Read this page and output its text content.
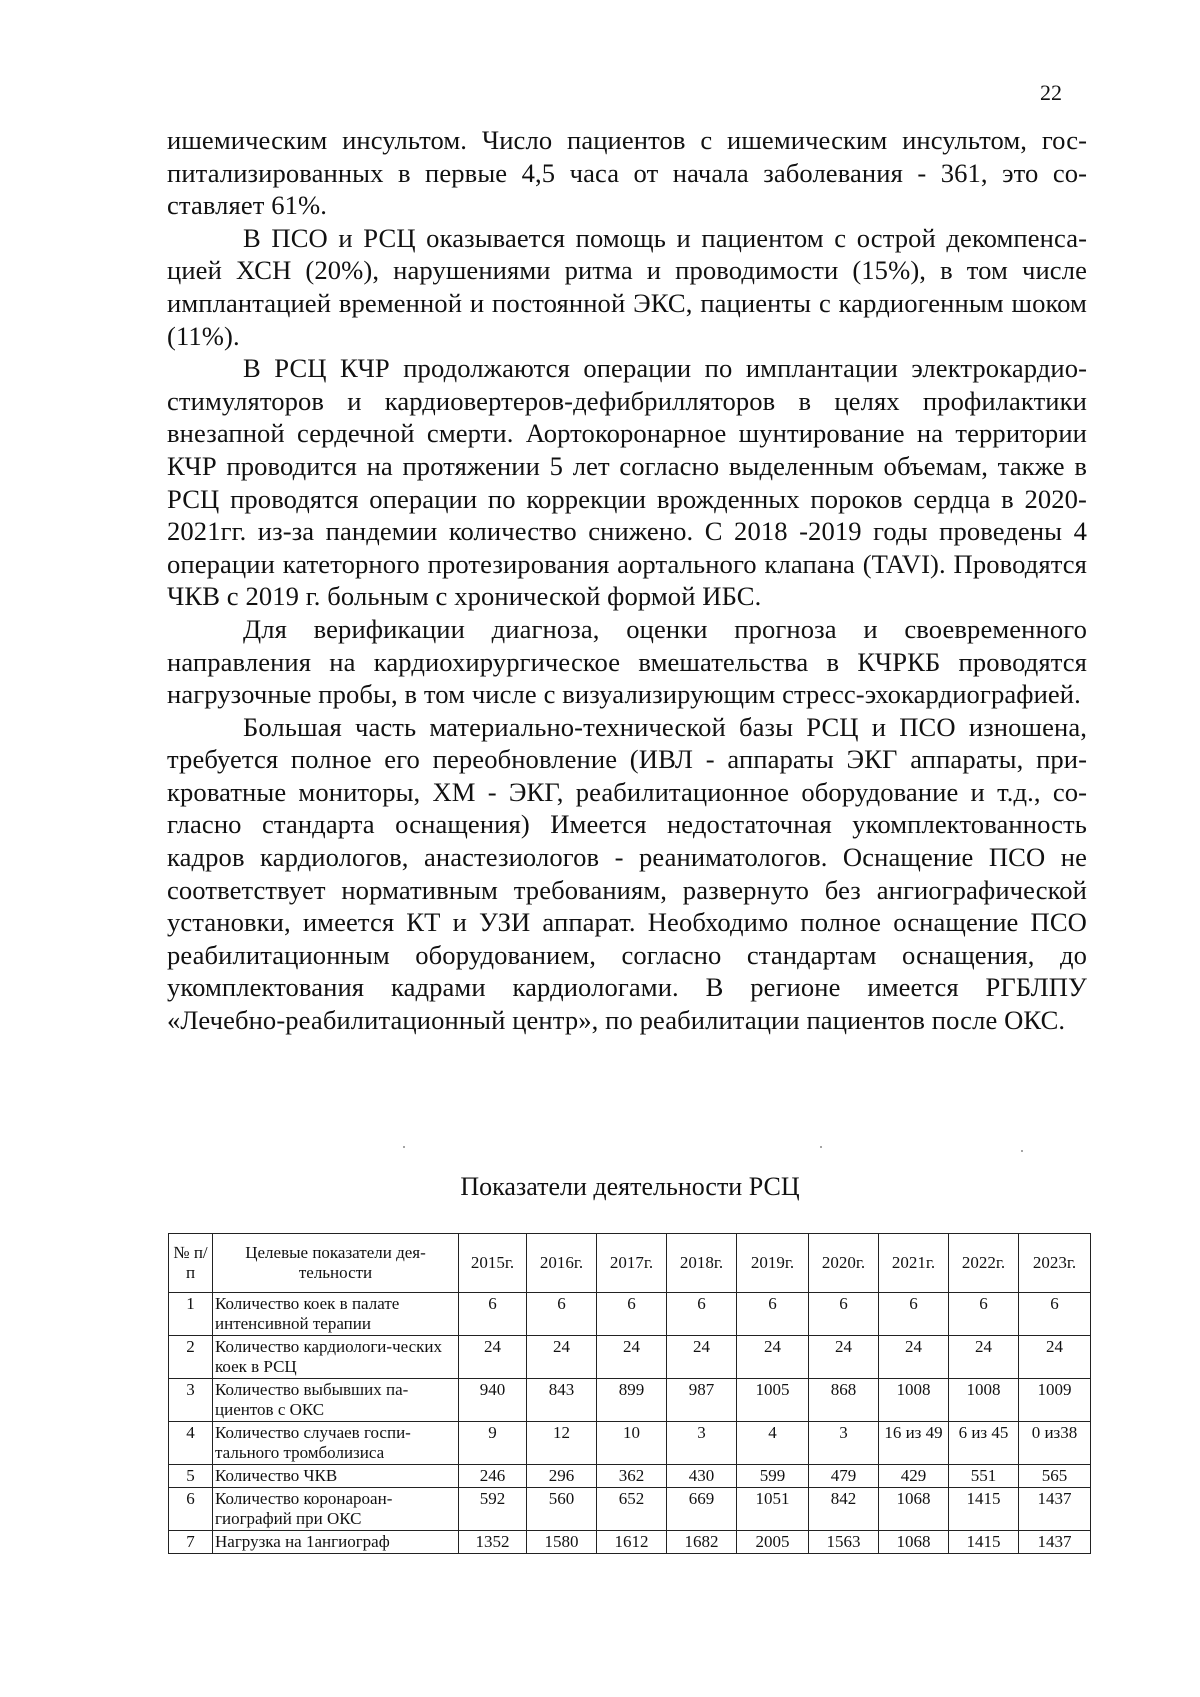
22

ишемическим инсультом. Число пациентов с ишемическим инсультом, госпитализированных в первые 4,5 часа от начала заболевания - 361, это составляет 61%.

В ПСО и РСЦ оказывается помощь и пациентом с острой декомпенсацией ХСН (20%), нарушениями ритма и проводимости (15%), в том числе имплантацией временной и постоянной ЭКС, пациенты с кардиогенным шоком (11%).

В РСЦ КЧР продолжаются операции по имплантации электрокардиостимуляторов и кардиовертеров-дефибрилляторов в целях профилактики внезапной сердечной смерти. Аортокоронарное шунтирование на территории КЧР проводится на протяжении 5 лет согласно выделенным объемам, также в РСЦ проводятся операции по коррекции врожденных пороков сердца в 2020- 2021гг. из-за пандемии количество снижено. С 2018 -2019 годы проведены 4 операции катеторного протезирования аортального клапана (TAVI). Проводятся ЧКВ с 2019 г. больным с хронической формой ИБС.

Для верификации диагноза, оценки прогноза и своевременного направления на кардиохирургическое вмешательства в КЧРКБ проводятся нагрузочные пробы, в том числе с визуализирующим стресс-эхокардиографией.

Большая часть материально-технической базы РСЦ и ПСО изношена, требуется полное его переобновление (ИВЛ - аппараты ЭКГ аппараты, прикроватные мониторы, ХМ - ЭКГ, реабилитационное оборудование и т.д., согласно стандарта оснащения) Имеется недостаточная укомплектованность кадров кардиологов, анастезиологов - реаниматологов. Оснащение ПСО не соответствует нормативным требованиям, развернуто без ангиографической установки, имеется КТ и УЗИ аппарат. Необходимо полное оснащение ПСО реабилитационным оборудованием, согласно стандартам оснащения, до укомплектования кадрами кардиологами. В регионе имеется РГБЛПУ «Лечебно-реабилитационный центр», по реабилитации пациентов после ОКС.

Показатели деятельности РСЦ
№ п/п	Целевые показатели деятельности	2015г.	2016г.	2017г.	2018г.	2019г.	2020г.	2021г.	2022г.	2023г.
1	Количество коек в палате интенсивной терапии	6	6	6	6	6	6	6	6	6
2	Количество кардиологи-ческих коек в РСЦ	24	24	24	24	24	24	24	24	24
3	Количество выбывших пациентов с ОКС	940	843	899	987	1005	868	1008	1008	1009
4	Количество случаев госпитального тромболизиса	9	12	10	3	4	3	16 из 49	6 из 45	0 из38
5	Количество ЧКВ	246	296	362	430	599	479	429	551	565
6	Количество коронароангиографий при ОКС	592	560	652	669	1051	842	1068	1415	1437
7	Нагрузка на 1ангиограф	1352	1580	1612	1682	2005	1563	1068	1415	1437
